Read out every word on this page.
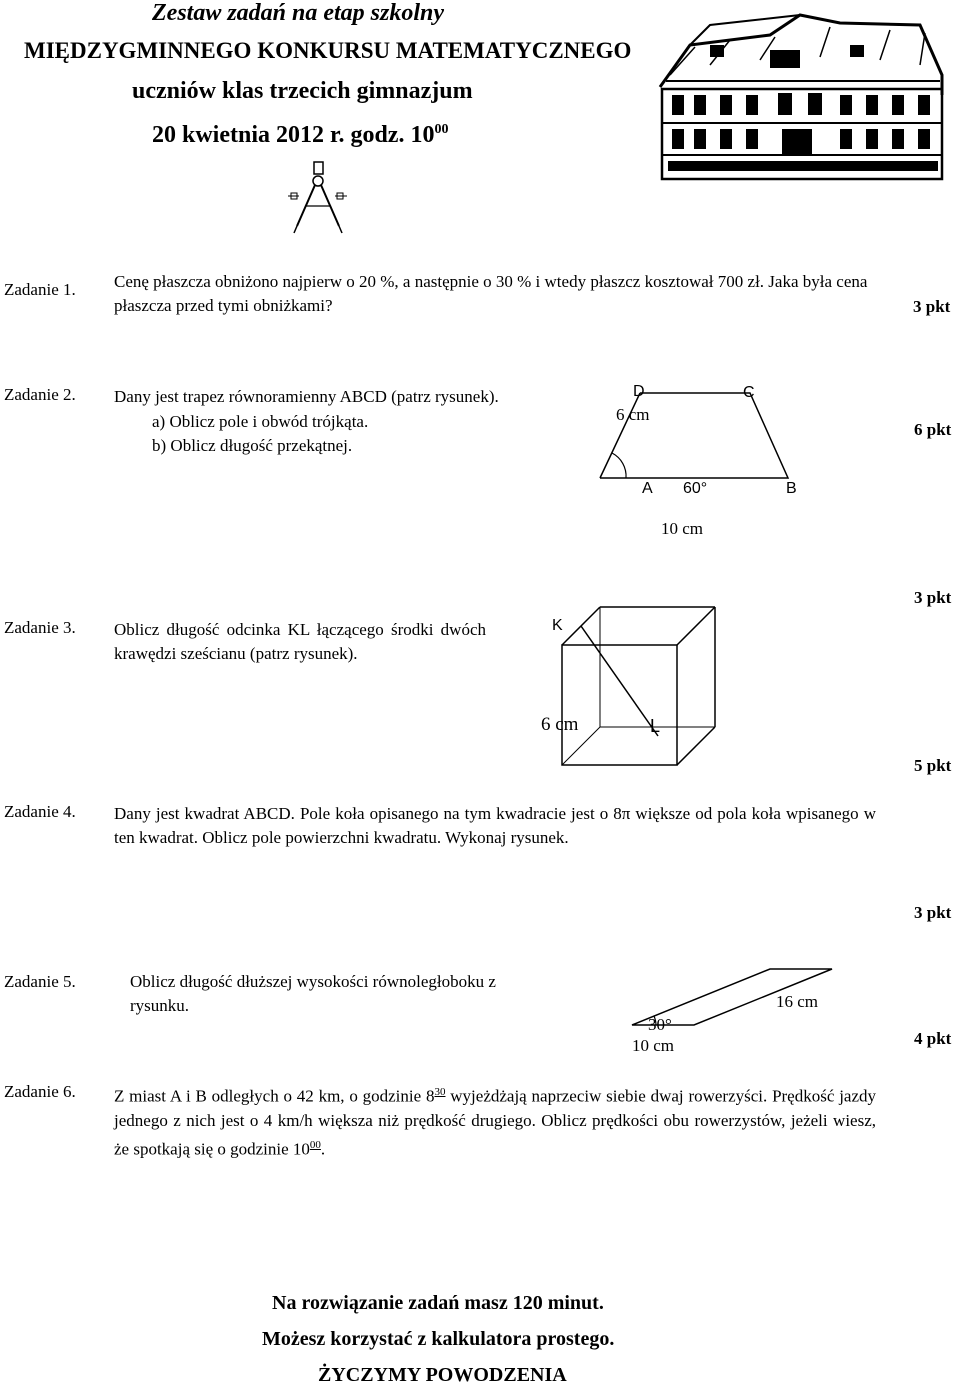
Zestaw zadań na etap szkolny
MIĘDZYGMINNEGO KONKURSU MATEMATYCZNEGO
uczniów klas trzecich gimnazjum
20 kwietnia 2012 r. godz. $10^{00}$
Zadanie 1. Cenę płaszcza obniżono najpierw o 20 %, a następnie o 30 % i wtedy płaszcz kosztował 700 zł. Jaka była cena płaszcza przed tymi obniżkami?	3 pkt
Zadanie 2. Dany jest trapez równoramienny ABCD (patrz rysunek).
a) Oblicz pole i obwód trójkąta.
b) Oblicz długość przekątnej.
6 pkt
D	C
6 cm
A 60°	B
10 cm
Zadanie 3. Oblicz długość odcinka KL łączącego środki dwóch krawędzi sześcianu (patrz rysunek).
3 pkt
K
6 cm	L
5 pkt
Zadanie 4. Dany jest kwadrat ABCD. Pole koła opisanego na tym kwadracie jest o 8π większe od pola koła wpisanego w ten kwadrat. Oblicz pole powierzchni kwadratu. Wykonaj rysunek.
3 pkt
Zadanie 5.	Oblicz długość dłuższej wysokości równoległoboku z rysunku.	16 cm
30°
10 cm	4 pkt
Zadanie 6. Z miast A i B odległych o 42 km, o godzinie $8^{30}$ wyjeżdżają naprzeciw siebie dwaj rowerzyści. Prędkość jazdy jednego z nich jest o 4 km/h większa niż prędkość drugiego. Oblicz prędkości obu rowerzystów, jeżeli wiesz, że spotkają się o godzinie $10^{00}$.
Na rozwiązanie zadań masz 120 minut.
Możesz korzystać z kalkulatora prostego.
ŻYCZYMY POWODZENIA
